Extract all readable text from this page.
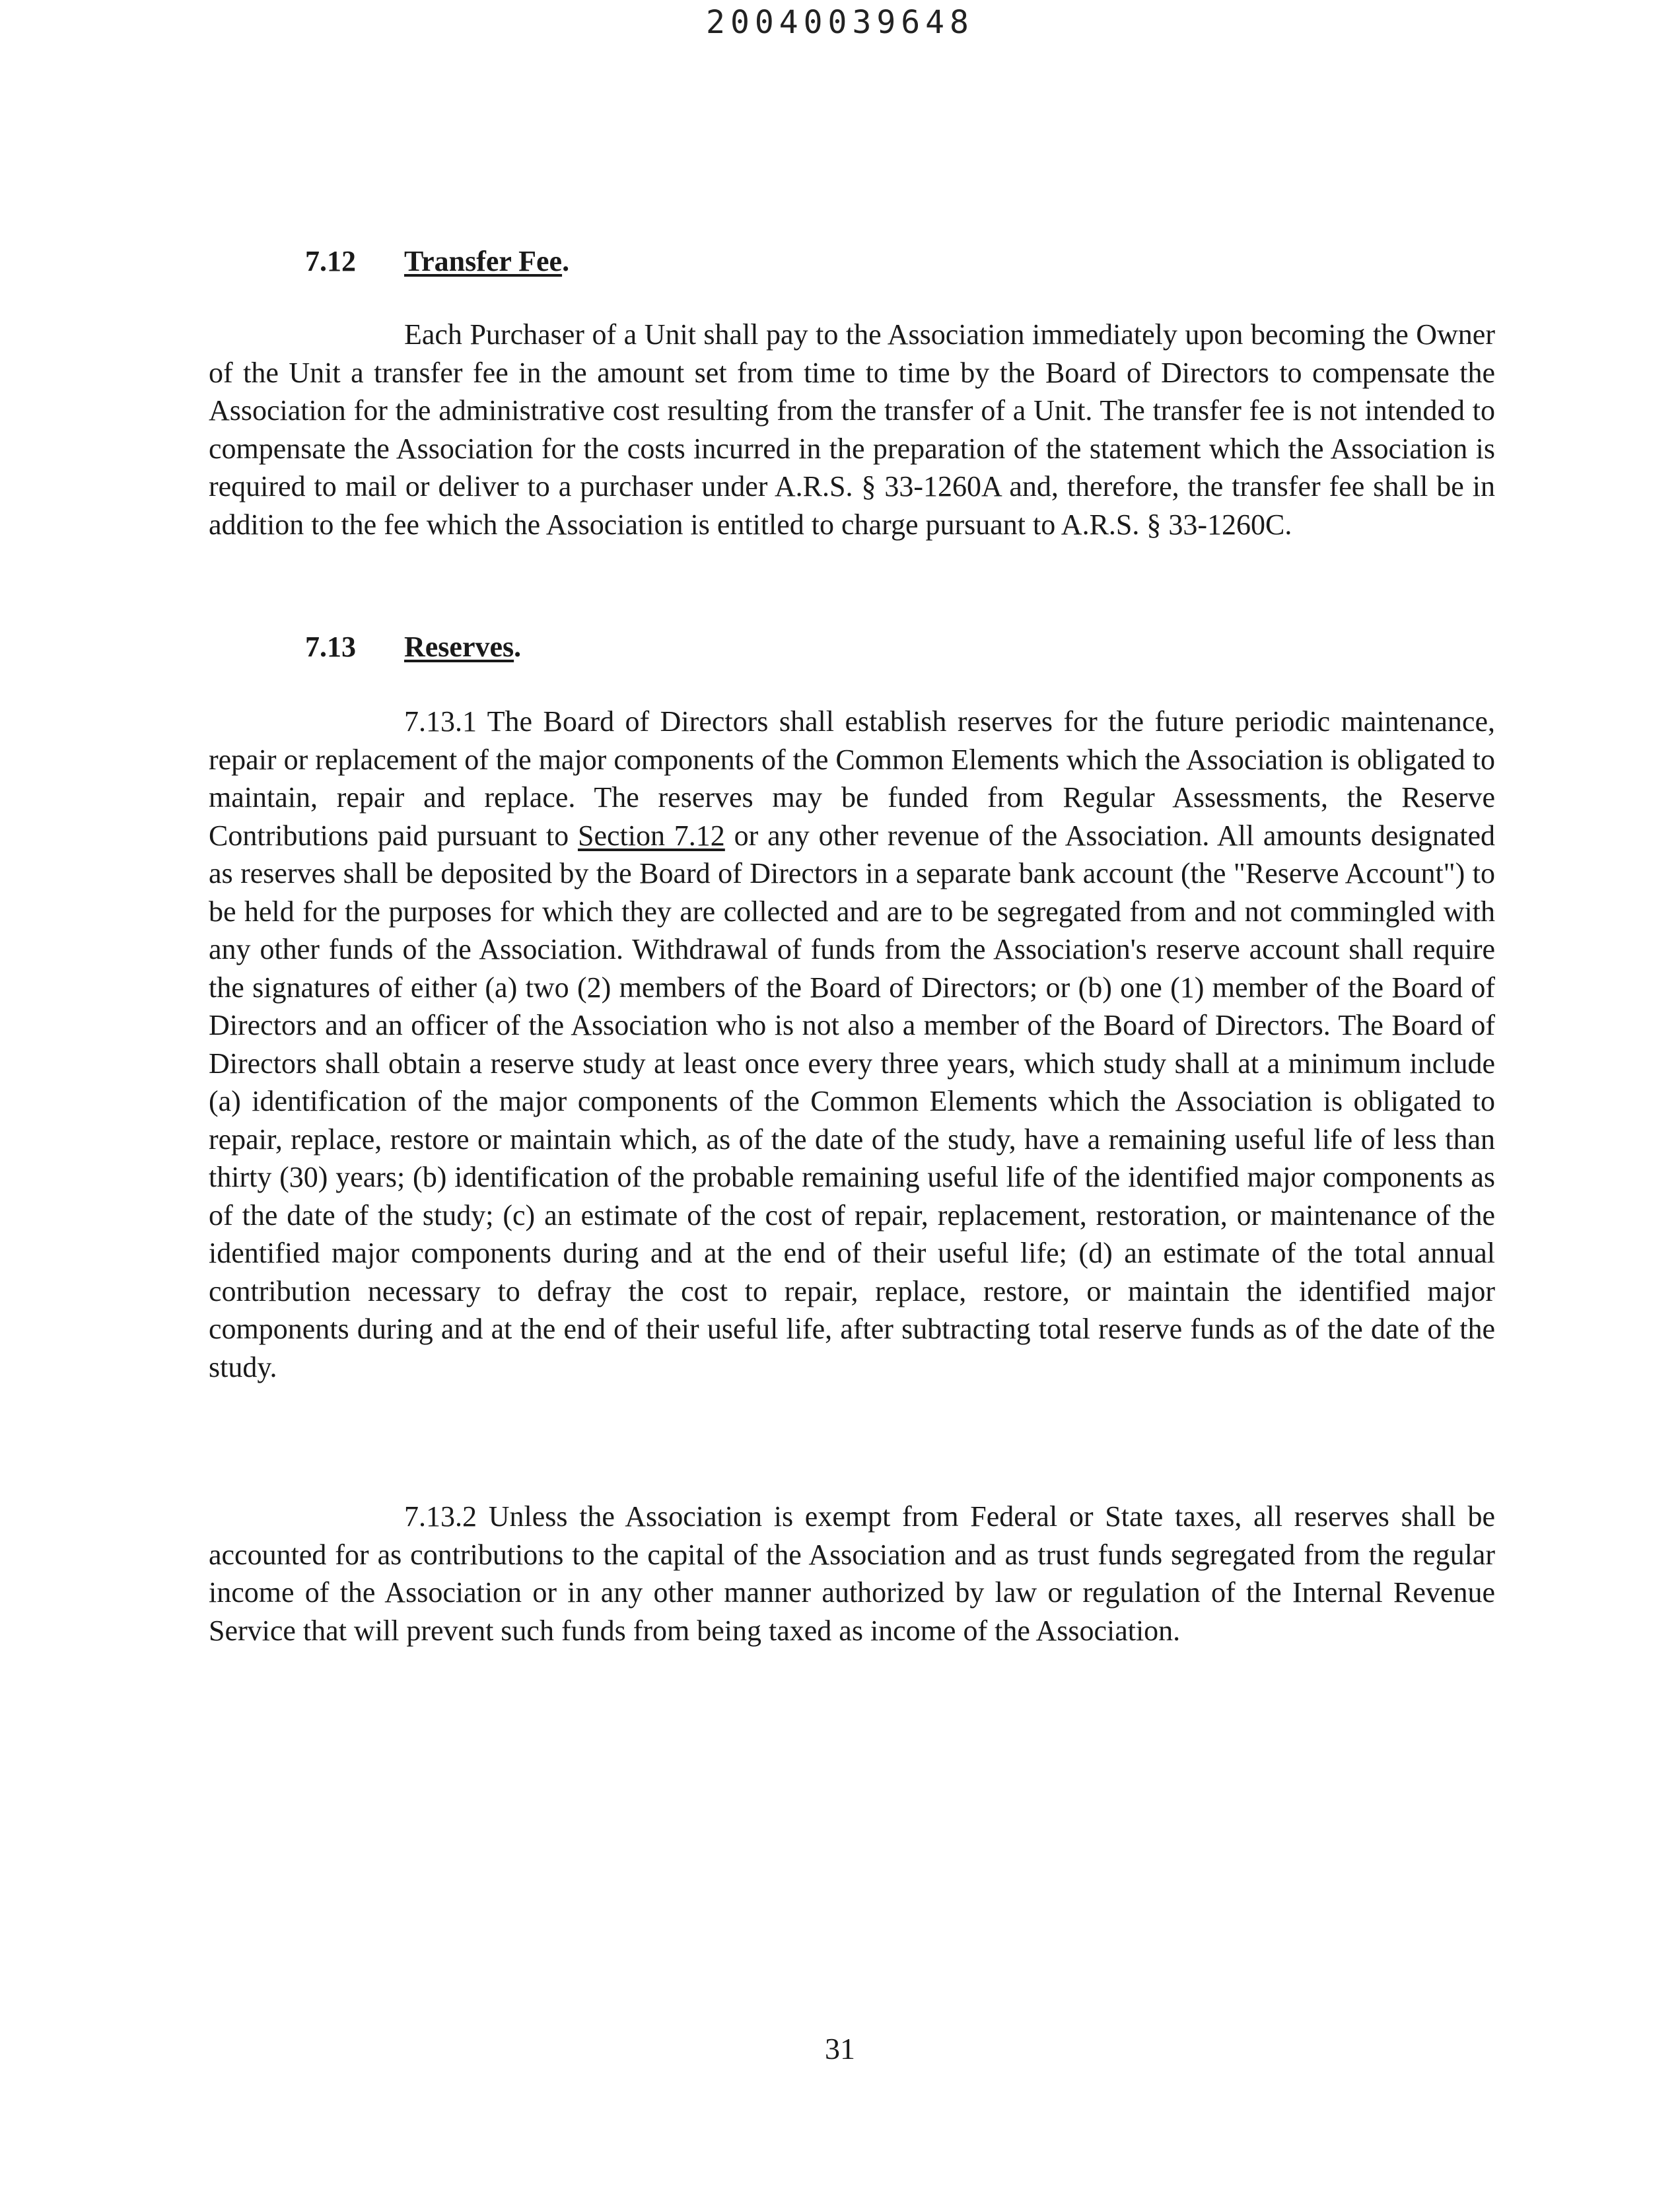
20040039648
7.12 Transfer Fee.

Each Purchaser of a Unit shall pay to the Association immediately upon becoming the Owner of the Unit a transfer fee in the amount set from time to time by the Board of Directors to compensate the Association for the administrative cost resulting from the transfer of a Unit. The transfer fee is not intended to compensate the Association for the costs incurred in the preparation of the statement which the Association is required to mail or deliver to a purchaser under A.R.S. § 33-1260A and, therefore, the transfer fee shall be in addition to the fee which the Association is entitled to charge pursuant to A.R.S. § 33-1260C.

7.13 Reserves.

7.13.1 The Board of Directors shall establish reserves for the future periodic maintenance, repair or replacement of the major components of the Common Elements which the Association is obligated to maintain, repair and replace. The reserves may be funded from Regular Assessments, the Reserve Contributions paid pursuant to Section 7.12 or any other revenue of the Association. All amounts designated as reserves shall be deposited by the Board of Directors in a separate bank account (the "Reserve Account") to be held for the purposes for which they are collected and are to be segregated from and not commingled with any other funds of the Association. Withdrawal of funds from the Association's reserve account shall require the signatures of either (a) two (2) members of the Board of Directors; or (b) one (1) member of the Board of Directors and an officer of the Association who is not also a member of the Board of Directors. The Board of Directors shall obtain a reserve study at least once every three years, which study shall at a minimum include (a) identification of the major components of the Common Elements which the Association is obligated to repair, replace, restore or maintain which, as of the date of the study, have a remaining useful life of less than thirty (30) years; (b) identification of the probable remaining useful life of the identified major components as of the date of the study; (c) an estimate of the cost of repair, replacement, restoration, or maintenance of the identified major components during and at the end of their useful life; (d) an estimate of the total annual contribution necessary to defray the cost to repair, replace, restore, or maintain the identified major components during and at the end of their useful life, after subtracting total reserve funds as of the date of the study.

7.13.2 Unless the Association is exempt from Federal or State taxes, all reserves shall be accounted for as contributions to the capital of the Association and as trust funds segregated from the regular income of the Association or in any other manner authorized by law or regulation of the Internal Revenue Service that will prevent such funds from being taxed as income of the Association.

31
